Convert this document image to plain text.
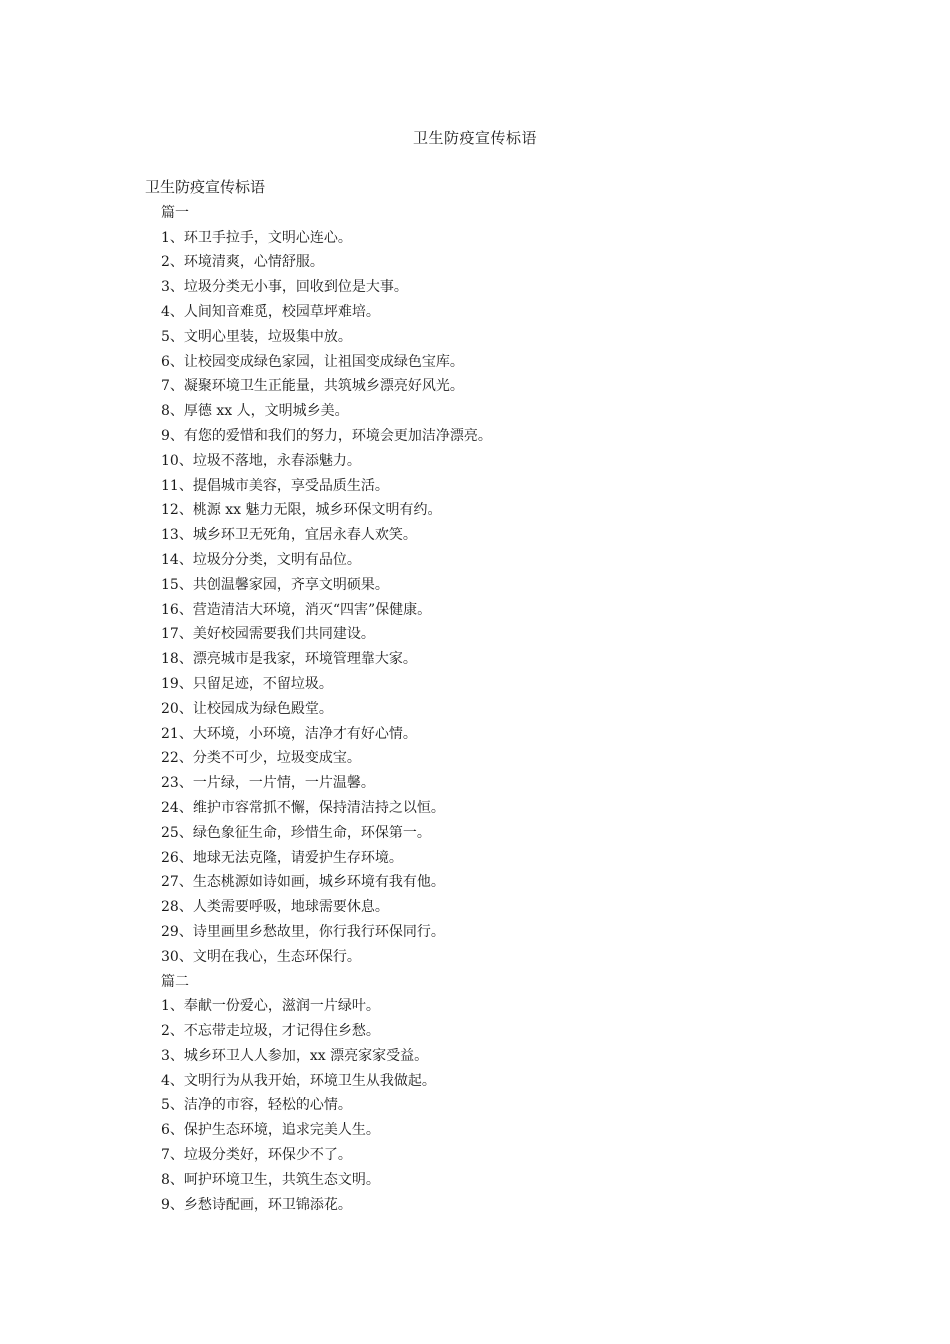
卫生防疫宣传标语
卫生防疫宣传标语
篇一
1、环卫手拉手，文明心连心。
2、环境清爽，心情舒服。
3、垃圾分类无小事，回收到位是大事。
4、人间知音难觅，校园草坪难培。
5、文明心里装，垃圾集中放。
6、让校园变成绿色家园，让祖国变成绿色宝库。
7、凝聚环境卫生正能量，共筑城乡漂亮好风光。
8、厚德 xx 人，文明城乡美。
9、有您的爱惜和我们的努力，环境会更加洁净漂亮。
10、垃圾不落地，永春添魅力。
11、提倡城市美容，享受品质生活。
12、桃源 xx 魅力无限，城乡环保文明有约。
13、城乡环卫无死角，宜居永春人欢笑。
14、垃圾分分类，文明有品位。
15、共创温馨家园，齐享文明硕果。
16、营造清洁大环境，消灭“四害”保健康。
17、美好校园需要我们共同建设。
18、漂亮城市是我家，环境管理靠大家。
19、只留足迹，不留垃圾。
20、让校园成为绿色殿堂。
21、大环境，小环境，洁净才有好心情。
22、分类不可少，垃圾变成宝。
23、一片绿，一片情，一片温馨。
24、维护市容常抓不懈，保持清洁持之以恒。
25、绿色象征生命，珍惜生命，环保第一。
26、地球无法克隆，请爱护生存环境。
27、生态桃源如诗如画，城乡环境有我有他。
28、人类需要呼吸，地球需要休息。
29、诗里画里乡愁故里，你行我行环保同行。
30、文明在我心，生态环保行。
篇二
1、奉献一份爱心，滋润一片绿叶。
2、不忘带走垃圾，才记得住乡愁。
3、城乡环卫人人参加，xx 漂亮家家受益。
4、文明行为从我开始，环境卫生从我做起。
5、洁净的市容，轻松的心情。
6、保护生态环境，追求完美人生。
7、垃圾分类好，环保少不了。
8、呵护环境卫生，共筑生态文明。
9、乡愁诗配画，环卫锦添花。
